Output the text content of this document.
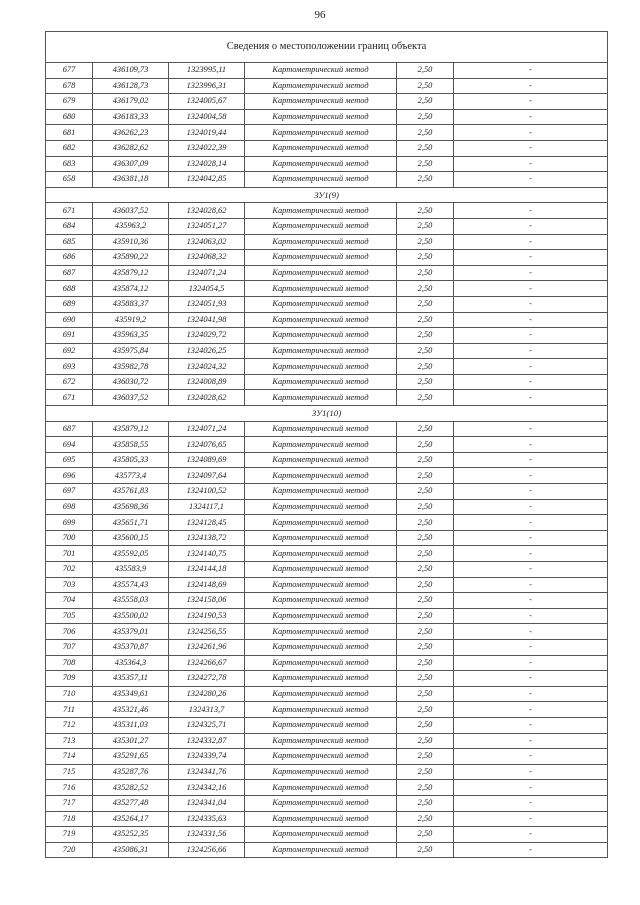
96
Сведения о местоположении границ объекта					
677	436109,73	1323995,11	Картометрический метод	2,50	-
678	436128,73	1323996,31	Картометрический метод	2,50	-
679	436179,02	1324005,67	Картометрический метод	2,50	-
680	436183,33	1324004,58	Картометрический метод	2,50	-
681	436262,23	1324019,44	Картометрический метод	2,50	-
682	436282,62	1324022,39	Картометрический метод	2,50	-
683	436307,09	1324028,14	Картометрический метод	2,50	-
658	436381,18	1324042,85	Картометрический метод	2,50	-
ЗУ1(9)					
671	436037,52	1324028,62	Картометрический метод	2,50	-
684	435963,2	1324051,27	Картометрический метод	2,50	-
685	435910,36	1324063,02	Картометрический метод	2,50	-
686	435890,22	1324068,32	Картометрический метод	2,50	-
687	435879,12	1324071,24	Картометрический метод	2,50	-
688	435874,12	1324054,5	Картометрический метод	2,50	-
689	435883,37	1324051,93	Картометрический метод	2,50	-
690	435919,2	1324041,98	Картометрический метод	2,50	-
691	435963,35	1324029,72	Картометрический метод	2,50	-
692	435975,84	1324026,25	Картометрический метод	2,50	-
693	435982,78	1324024,32	Картометрический метод	2,50	-
672	436030,72	1324008,89	Картометрический метод	2,50	-
671	436037,52	1324028,62	Картометрический метод	2,50	-
ЗУ1(10)					
687	435879,12	1324071,24	Картометрический метод	2,50	-
694	435858,55	1324076,65	Картометрический метод	2,50	-
695	435805,33	1324089,69	Картометрический метод	2,50	-
696	435773,4	1324097,64	Картометрический метод	2,50	-
697	435761,83	1324100,52	Картометрический метод	2,50	-
698	435698,36	1324117,1	Картометрический метод	2,50	-
699	435651,71	1324128,45	Картометрический метод	2,50	-
700	435600,15	1324138,72	Картометрический метод	2,50	-
701	435592,05	1324140,75	Картометрический метод	2,50	-
702	435583,9	1324144,18	Картометрический метод	2,50	-
703	435574,43	1324148,69	Картометрический метод	2,50	-
704	435558,03	1324158,06	Картометрический метод	2,50	-
705	435500,02	1324190,53	Картометрический метод	2,50	-
706	435379,01	1324256,55	Картометрический метод	2,50	-
707	435370,87	1324261,96	Картометрический метод	2,50	-
708	435364,3	1324266,67	Картометрический метод	2,50	-
709	435357,11	1324272,78	Картометрический метод	2,50	-
710	435349,61	1324280,26	Картометрический метод	2,50	-
711	435321,46	1324313,7	Картометрический метод	2,50	-
712	435311,03	1324325,71	Картометрический метод	2,50	-
713	435301,27	1324332,87	Картометрический метод	2,50	-
714	435291,65	1324339,74	Картометрический метод	2,50	-
715	435287,76	1324341,76	Картометрический метод	2,50	-
716	435282,52	1324342,16	Картометрический метод	2,50	-
717	435277,48	1324341,04	Картометрический метод	2,50	-
718	435264,17	1324335,63	Картометрический метод	2,50	-
719	435252,35	1324331,56	Картометрический метод	2,50	-
720	435086,31	1324256,66	Картометрический метод	2,50	-
